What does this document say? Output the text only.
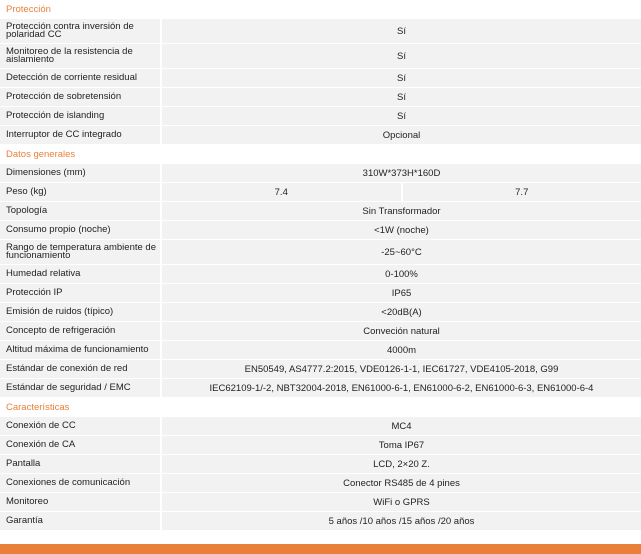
Protección
Protección contra inversión de polaridad CC	Sí
Monitoreo de la resistencia de aislamiento	Sí
Detección de corriente residual	Sí
Protección de sobretensión	Sí
Protección de islanding	Sí
Interruptor de CC integrado	Opcional
Datos generales
Dimensiones (mm)	310W*373H*160D
Peso (kg)	7.4	7.7
Topología	Sin Transformador
Consumo propio (noche)	<1W (noche)
Rango de temperatura ambiente de funcionamiento	-25~60°C
Humedad relativa	0-100%
Protección IP	IP65
Emisión de ruidos (típico)	<20dB(A)
Concepto de refrigeración	Conveción natural
Altitud máxima de funcionamiento	4000m
Estándar de conexión de red	EN50549, AS4777.2:2015, VDE0126-1-1, IEC61727, VDE4105-2018, G99
Estándar de seguridad / EMC	IEC62109-1/-2, NBT32004-2018, EN61000-6-1, EN61000-6-2, EN61000-6-3, EN61000-6-4
Características
Conexión de CC	MC4
Conexión de CA	Toma IP67
Pantalla	LCD, 2×20 Z.
Conexiones de comunicación	Conector RS485 de 4 pines
Monitoreo	WiFi o GPRS
Garantía	5 años /10 años /15 años /20 años
